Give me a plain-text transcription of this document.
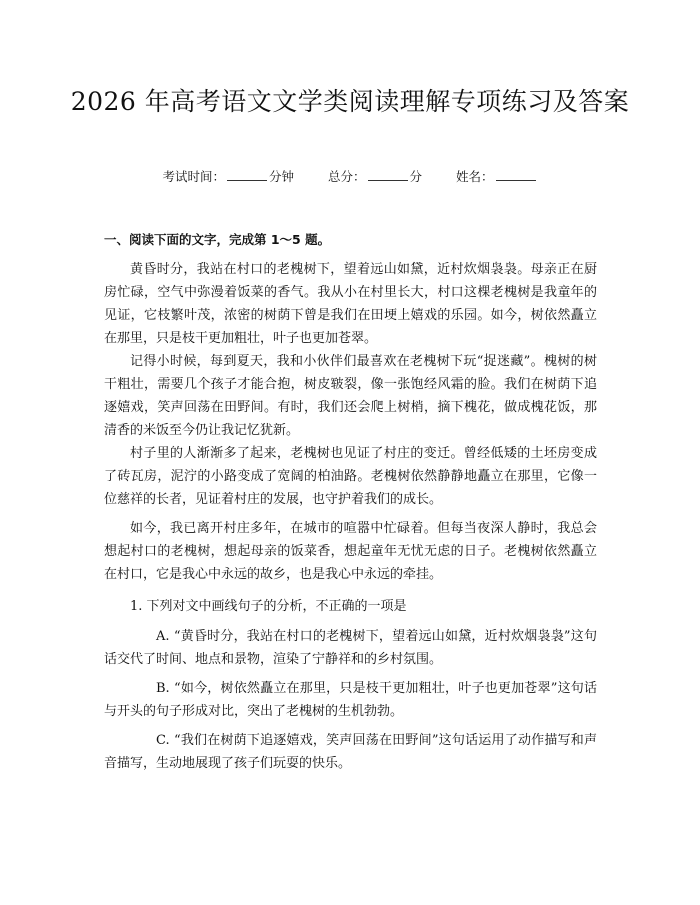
2026 年高考语文文学类阅读理解专项练习及答案
考试时间：	分钟	总分：	分	姓名：
一、阅读下面的文字，完成第 1～5 题。

黄昏时分，我站在村口的老槐树下，望着远山如黛，近村炊烟袅袅。母亲正在厨房忙碌，空气中弥漫着饭菜的香气。我从小在村里长大，村口这棵老槐树是我童年的见证，它枝繁叶茂，浓密的树荫下曾是我们在田埂上嬉戏的乐园。如今，树依然矗立在那里，只是枝干更加粗壮，叶子也更加苍翠。

记得小时候，每到夏天，我和小伙伴们最喜欢在老槐树下玩“捉迷藏”。槐树的树干粗壮，需要几个孩子才能合抱，树皮皲裂，像一张饱经风霜的脸。我们在树荫下追逐嬉戏，笑声回荡在田野间。有时，我们还会爬上树梢，摘下槐花，做成槐花饭，那清香的米饭至今仍让我记忆犹新。

村子里的人渐渐多了起来，老槐树也见证了村庄的变迁。曾经低矮的土坯房变成了砖瓦房，泥泞的小路变成了宽阔的柏油路。老槐树依然静静地矗立在那里，它像一位慈祥的长者，见证着村庄的发展，也守护着我们的成长。

如今，我已离开村庄多年，在城市的喧嚣中忙碌着。但每当夜深人静时，我总会想起村口的老槐树，想起母亲的饭菜香，想起童年无忧无虑的日子。老槐树依然矗立在村口，它是我心中永远的故乡，也是我心中永远的牵挂。

1. 下列对文中画线句子的分析，不正确的一项是

A. “黄昏时分，我站在村口的老槐树下，望着远山如黛，近村炊烟袅袅”这句话交代了时间、地点和景物，渲染了宁静祥和的乡村氛围。

B. “如今，树依然矗立在那里，只是枝干更加粗壮，叶子也更加苍翠”这句话与开头的句子形成对比，突出了老槐树的生机勃勃。

C. “我们在树荫下追逐嬉戏，笑声回荡在田野间”这句话运用了动作描写和声音描写，生动地展现了孩子们玩耍的快乐。
